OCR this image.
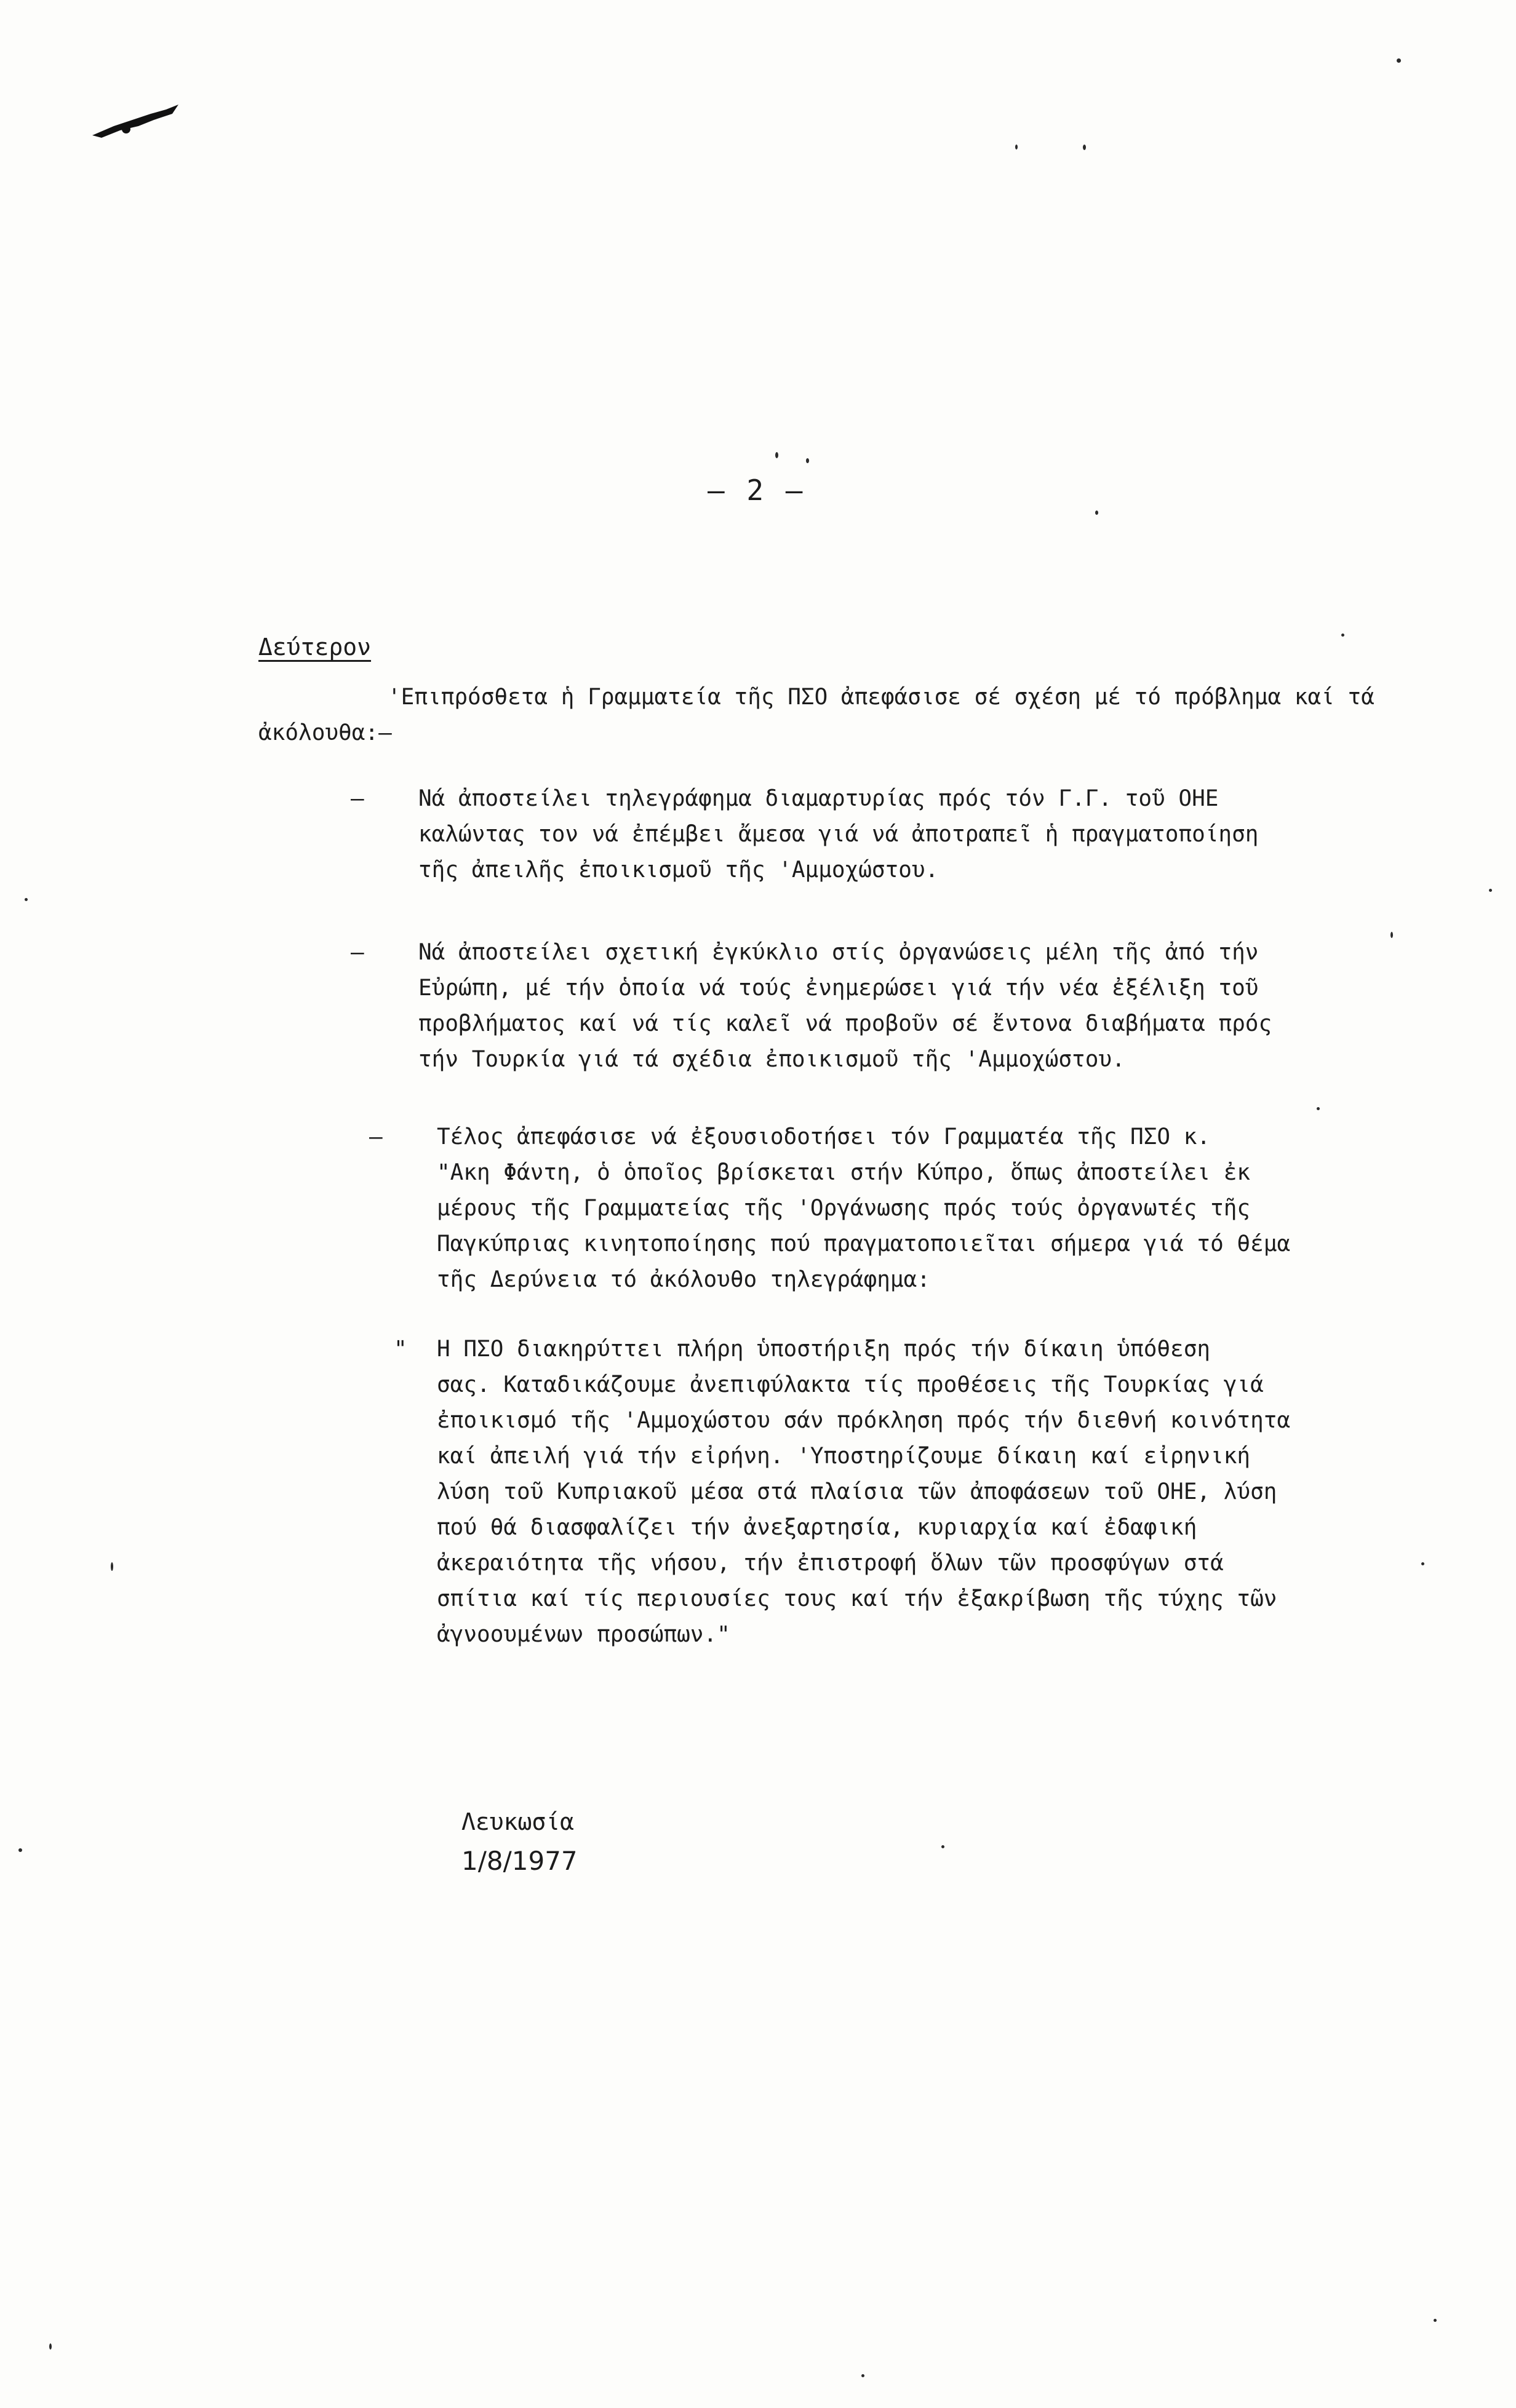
– 2 –
Δεύτερον

'Επιπρόσθετα ἡ Γραμματεία τῆς ΠΣΟ ἀπεφάσισε σέ σχέση μέ τό πρόβλημα καί τά ἀκόλουθα:–

– Νά ἀποστείλει τηλεγράφημα διαμαρτυρίας πρός τόν Γ.Γ. τοῦ ΟΗΕ
καλώντας τον νά ἐπέμβει ἄμεσα γιά νά ἀποτραπεῖ ἡ πραγματοποίηση
τῆς ἀπειλῆς ἐποικισμοῦ τῆς 'Αμμοχώστου.
– Νά ἀποστείλει σχετική ἐγκύκλιο στίς ὀργανώσεις μέλη τῆς ἀπό τήν
Εὐρώπη, μέ τήν ὁποία νά τούς ἐνημερώσει γιά τήν νέα ἐξέλιξη τοῦ
προβλήματος καί νά τίς καλεῖ νά προβοῦν σέ ἔντονα διαβήματα πρός
τήν Τουρκία γιά τά σχέδια ἐποικισμοῦ τῆς 'Αμμοχώστου.
– Τέλος ἀπεφάσισε νά ἐξουσιοδοτήσει τόν Γραμματέα τῆς ΠΣΟ κ.
"Ακη Φάντη, ὁ ὁποῖος βρίσκεται στήν Κύπρο, ὅπως ἀποστείλει ἐκ
μέρους τῆς Γραμματείας τῆς 'Οργάνωσης πρός τούς ὀργανωτές τῆς
Παγκύπριας κινητοποίησης πού πραγματοποιεῖται σήμερα γιά τό θέμα
τῆς Δερύνεια τό ἀκόλουθο τηλεγράφημα:
" Η ΠΣΟ διακηρύττει πλήρη ὑποστήριξη πρός τήν δίκαιη ὑπόθεση
σας. Καταδικάζουμε ἀνεπιφύλακτα τίς προθέσεις τῆς Τουρκίας γιά
ἐποικισμό τῆς 'Αμμοχώστου σάν πρόκληση πρός τήν διεθνή κοινότητα
καί ἀπειλή γιά τήν εἰρήνη. 'Υποστηρίζουμε δίκαιη καί εἰρηνική
λύση τοῦ Κυπριακοῦ μέσα στά πλαίσια τῶν ἀποφάσεων τοῦ ΟΗΕ, λύση
πού θά διασφαλίζει τήν ἀνεξαρτησία, κυριαρχία καί ἐδαφική
ἀκεραιότητα τῆς νήσου, τήν ἐπιστροφή ὅλων τῶν προσφύγων στά
σπίτια καί τίς περιουσίες τους καί τήν ἐξακρίβωση τῆς τύχης τῶν
ἀγνοουμένων προσώπων."
Λευκωσία
1/8/1977
